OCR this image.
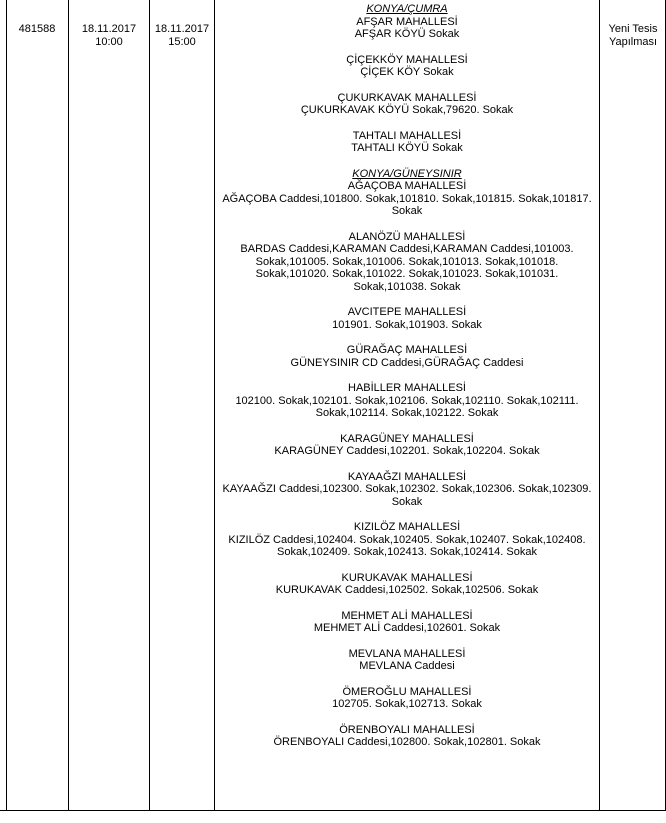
481588	18.11.2017
10:00
18.11.2017
15:00
Yeni Tesis
Yapılması
KONYA/ÇUMRA
AFŞAR MAHALLESİ
AFŞAR KÖYÜ Sokak
ÇİÇEKKÖY MAHALLESİ
ÇİÇEK KÖY Sokak
ÇUKURKAVAK MAHALLESİ
ÇUKURKAVAK KÖYÜ Sokak,79620. Sokak
TAHTALI MAHALLESİ
TAHTALI KÖYÜ Sokak
KONYA/GÜNEYSINIR
AĞAÇOBA MAHALLESİ
AĞAÇOBA Caddesi,101800. Sokak,101810. Sokak,101815. Sokak,101817.
Sokak
ALANÖZÜ MAHALLESİ
BARDAS Caddesi,KARAMAN Caddesi,KARAMAN Caddesi,101003.
Sokak,101005. Sokak,101006. Sokak,101013. Sokak,101018.
Sokak,101020. Sokak,101022. Sokak,101023. Sokak,101031.
Sokak,101038. Sokak
AVCITEPE MAHALLESİ
101901. Sokak,101903. Sokak
GÜRAĞAÇ MAHALLESİ
GÜNEYSINIR CD Caddesi,GÜRAĞAÇ Caddesi
HABİLLER MAHALLESİ
102100. Sokak,102101. Sokak,102106. Sokak,102110. Sokak,102111.
Sokak,102114. Sokak,102122. Sokak
KARAGÜNEY MAHALLESİ
KARAGÜNEY Caddesi,102201. Sokak,102204. Sokak
KAYAAĞZI MAHALLESİ
KAYAAĞZI Caddesi,102300. Sokak,102302. Sokak,102306. Sokak,102309.
Sokak
KIZILÖZ MAHALLESİ
KIZILÖZ Caddesi,102404. Sokak,102405. Sokak,102407. Sokak,102408.
Sokak,102409. Sokak,102413. Sokak,102414. Sokak
KURUKAVAK MAHALLESİ
KURUKAVAK Caddesi,102502. Sokak,102506. Sokak
MEHMET ALİ MAHALLESİ
MEHMET ALİ Caddesi,102601. Sokak
MEVLANA MAHALLESİ
MEVLANA Caddesi
ÖMEROĞLU MAHALLESİ
102705. Sokak,102713. Sokak
ÖRENBOYALI MAHALLESİ
ÖRENBOYALI Caddesi,102800. Sokak,102801. Sokak
